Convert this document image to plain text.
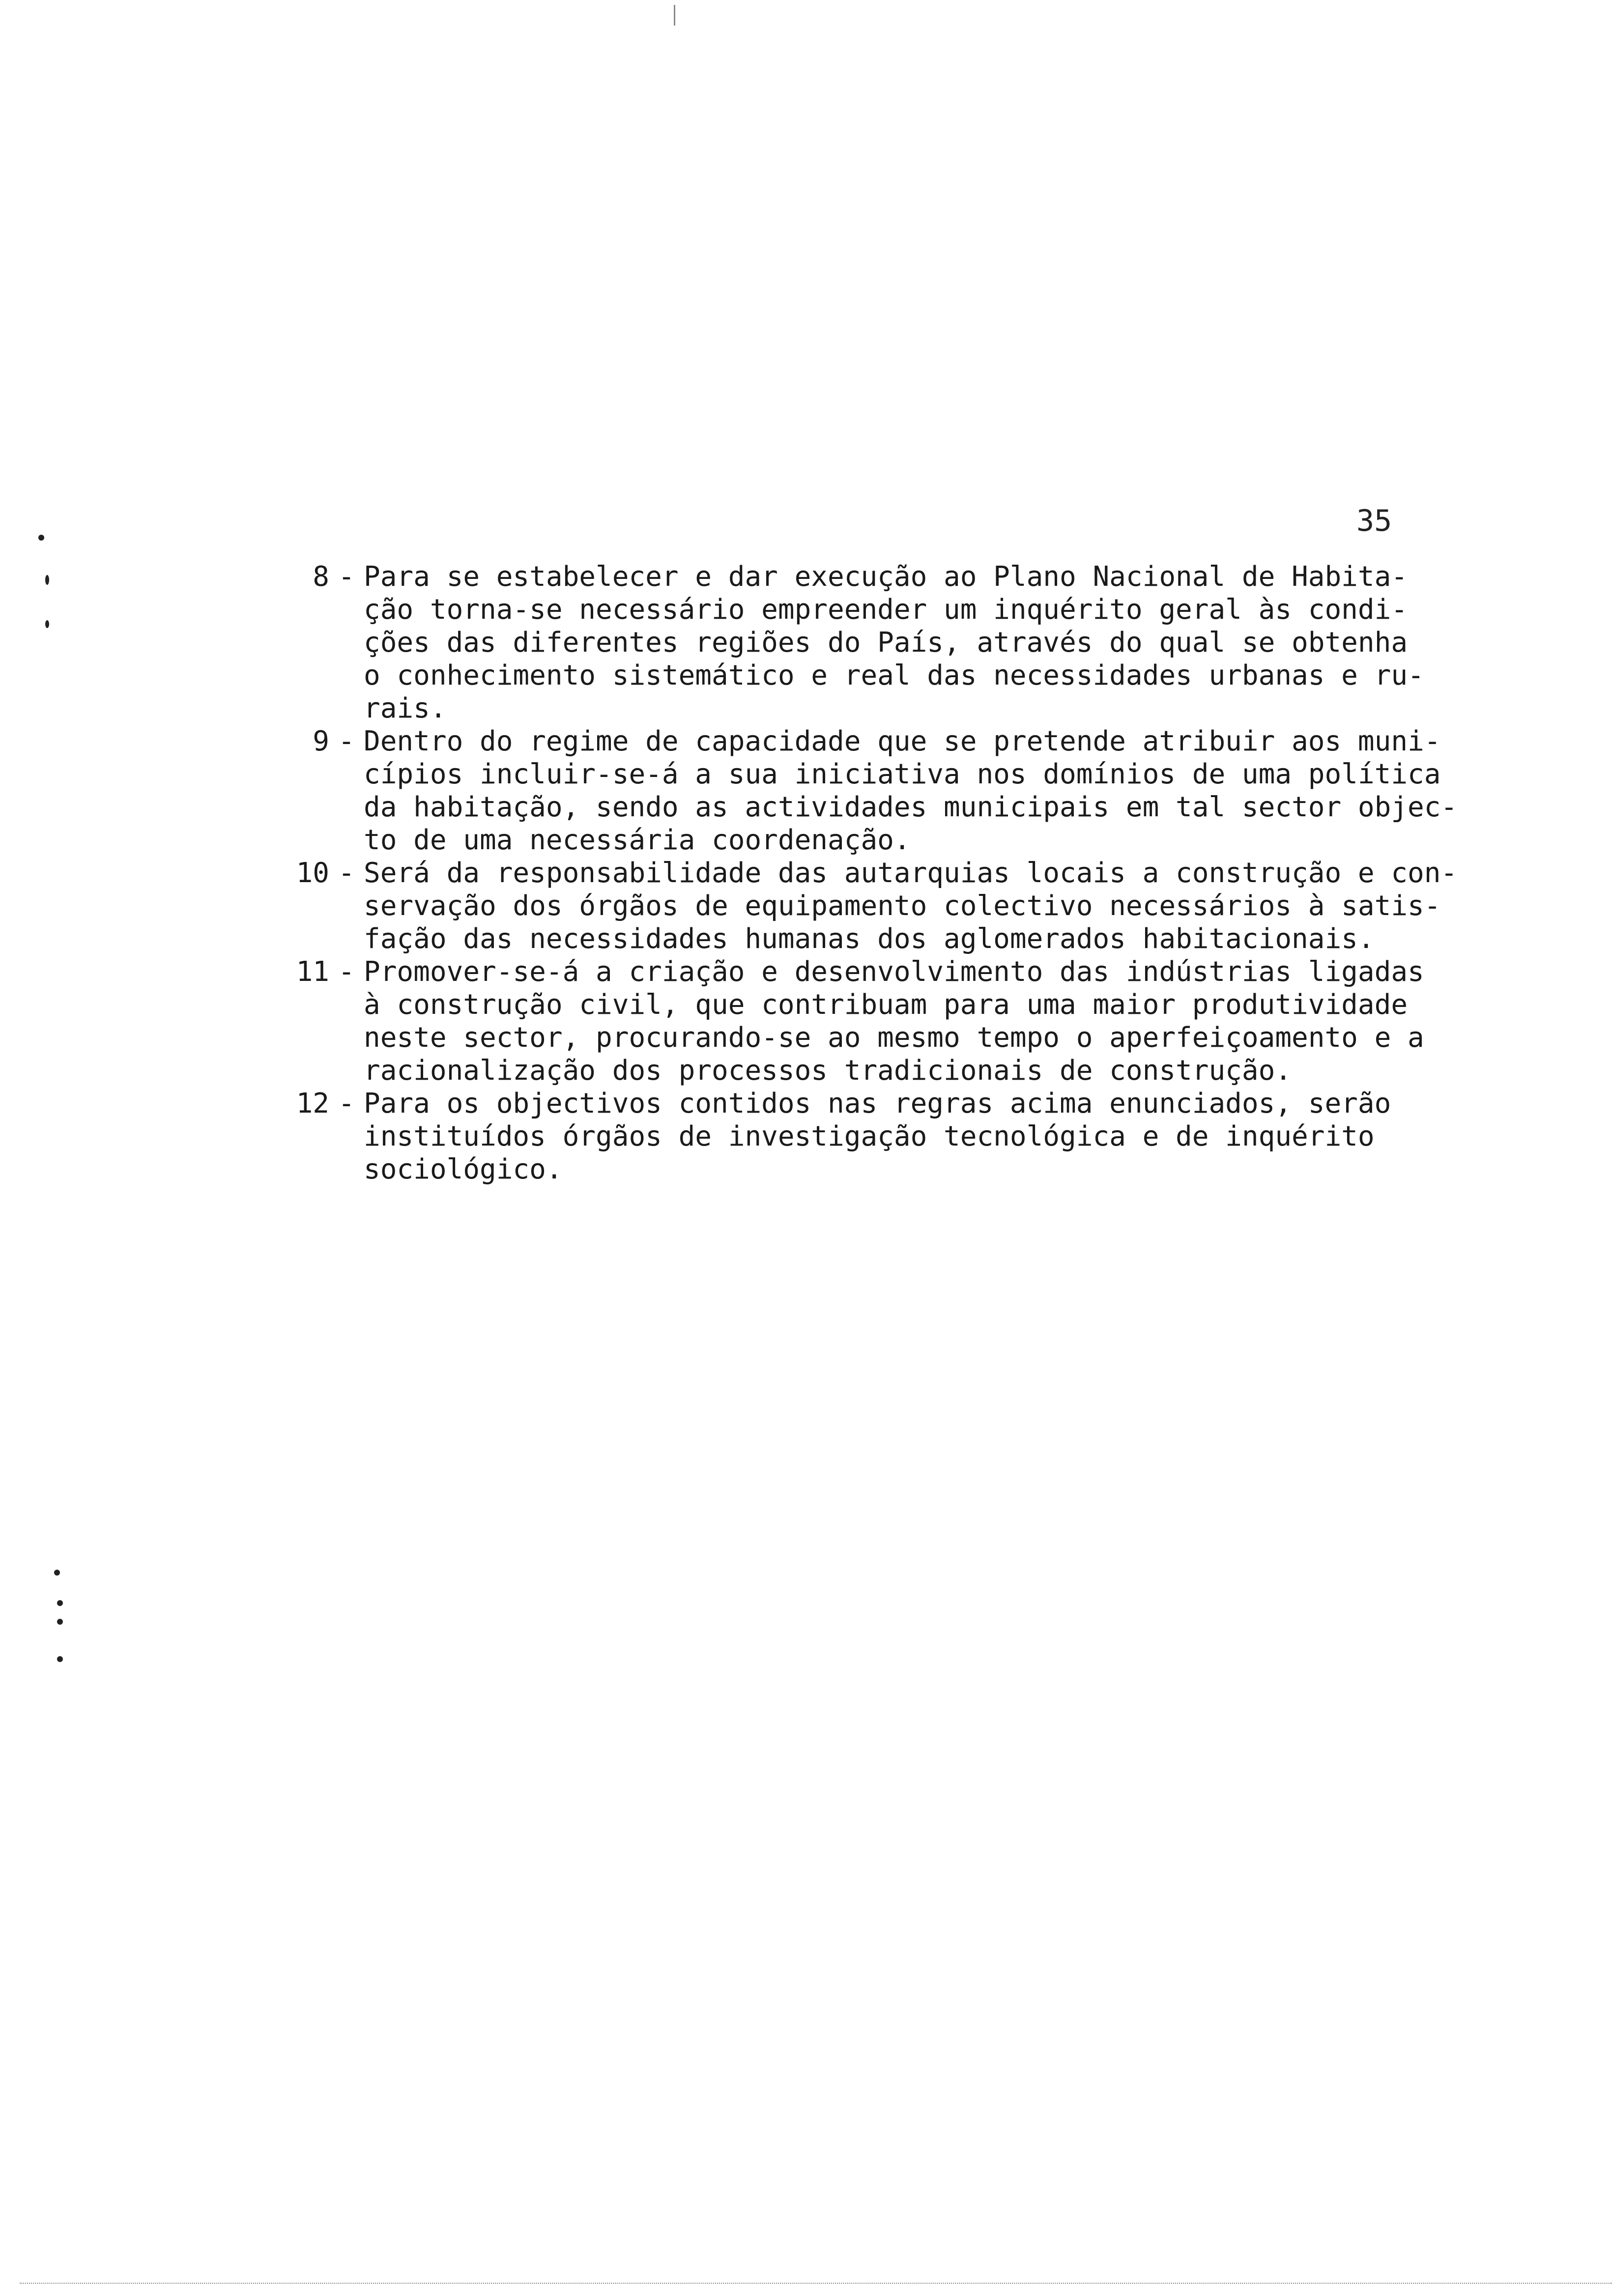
35
8 - Para se estabelecer e dar execução ao Plano Nacional de Habita-
ção torna-se necessário empreender um inquérito geral às condi-
ções das diferentes regiões do País, através do qual se obtenha
o conhecimento sistemático e real das necessidades urbanas e ru-
rais.
9 - Dentro do regime de capacidade que se pretende atribuir aos muni-
cípios incluir-se-á a sua iniciativa nos domínios de uma política
da habitação, sendo as actividades municipais em tal sector objec-
to de uma necessária coordenação.
10 - Será da responsabilidade das autarquias locais a construção e con-
servação dos órgãos de equipamento colectivo necessários à satis-
fação das necessidades humanas dos aglomerados habitacionais.
11 - Promover-se-á a criação e desenvolvimento das indústrias ligadas
à construção civil, que contribuam para uma maior produtividade
neste sector, procurando-se ao mesmo tempo o aperfeiçoamento e a
racionalização dos processos tradicionais de construção.
12 - Para os objectivos contidos nas regras acima enunciados, serão
instituídos órgãos de investigação tecnológica e de inquérito
sociológico.
